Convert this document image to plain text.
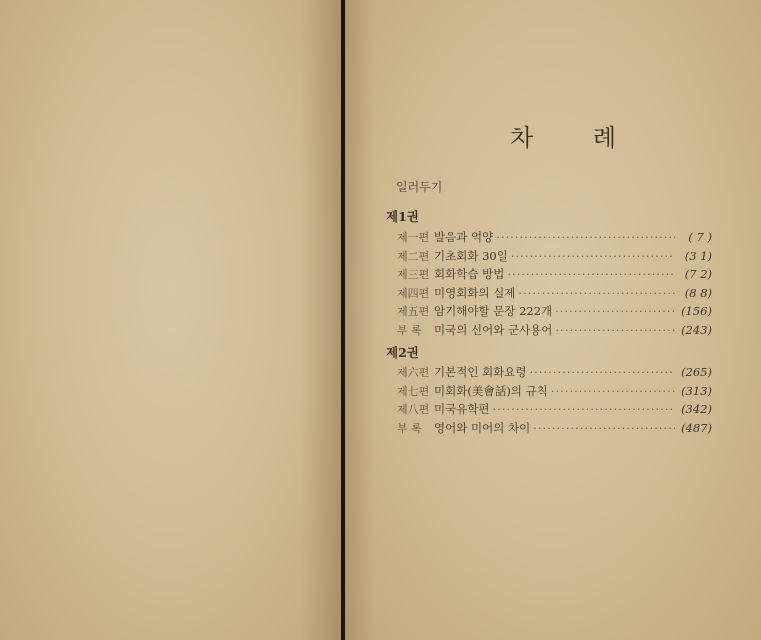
차 례
일러두기
제1권
제一편 발음과 억양 ·····	( 7 )
제二편 기초회화 30일 ·····	(3 1)
제三편 회화학습 방법 ·····	(7 2)
제四편 미영회화의 실제 ·····	(8 8)
제五편 암기해야할 문장 222개 ·····	(156)
부 록	미국의 신어와 군사용어 ·····	(243)
제2권
제六편 기본적인 회화요령 ·····	(265)
제七편 미회화(美會話)의 규칙 ·····	(313)
제八편 미국유학편 ·····	(342)
부 록	영어와 미어의 차이 ·····	(487)
